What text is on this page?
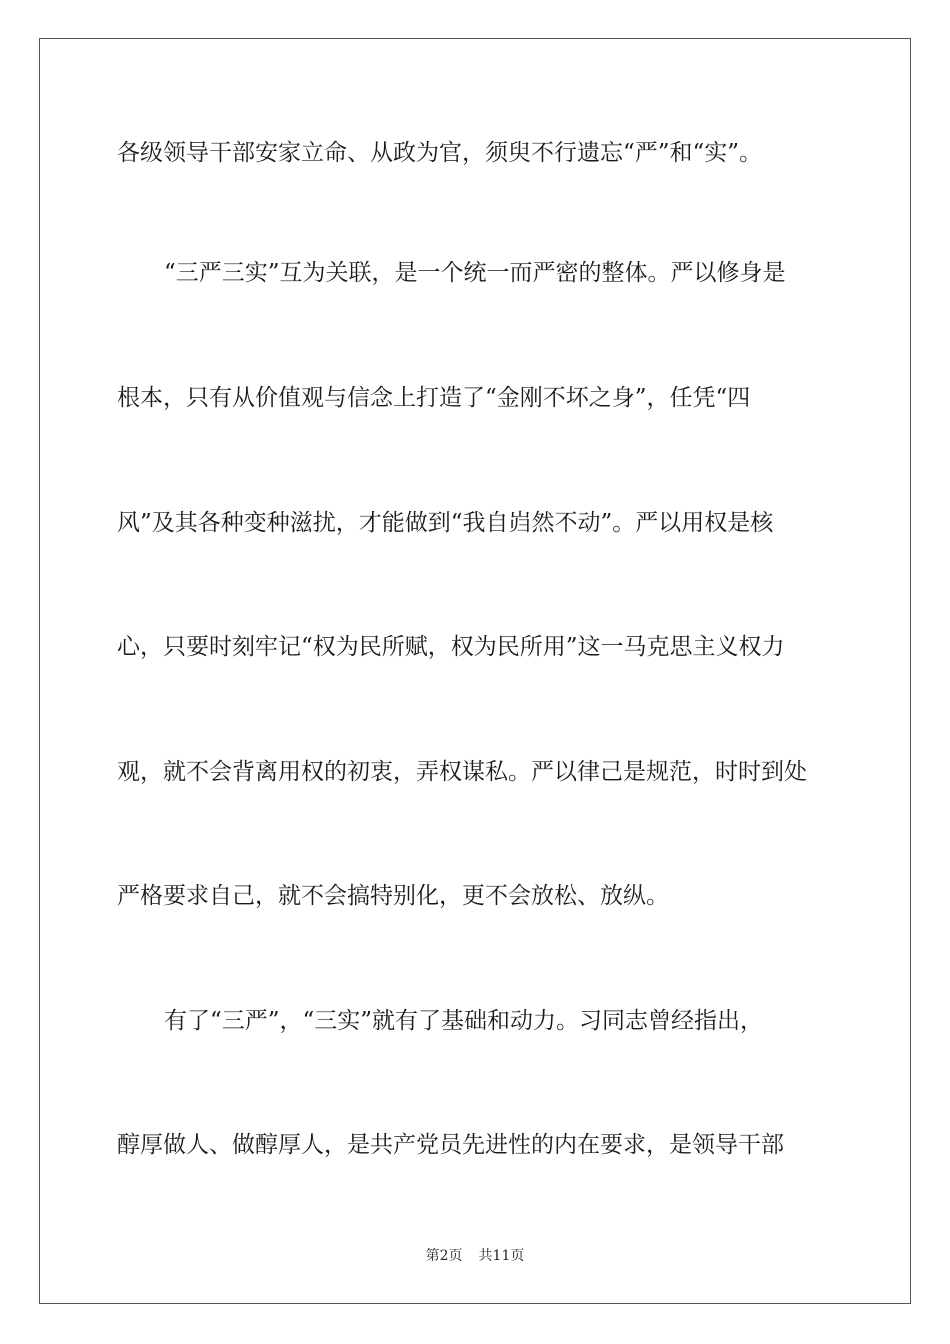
各级领导干部安家立命、从政为官，须臾不行遗忘“严”和“实”。
“三严三实”互为关联，是一个统一而严密的整体。严以修身是
根本，只有从价值观与信念上打造了“金刚不坏之身”，任凭“四
风”及其各种变种滋扰，才能做到“我自岿然不动”。严以用权是核
心，只要时刻牢记“权为民所赋，权为民所用”这一马克思主义权力
观，就不会背离用权的初衷，弄权谋私。严以律己是规范，时时到处
严格要求自己，就不会搞特别化，更不会放松、放纵。
有了“三严”，“三实”就有了基础和动力。习同志曾经指出，
醇厚做人、做醇厚人，是共产党员先进性的内在要求，是领导干部
第2页 共11页
